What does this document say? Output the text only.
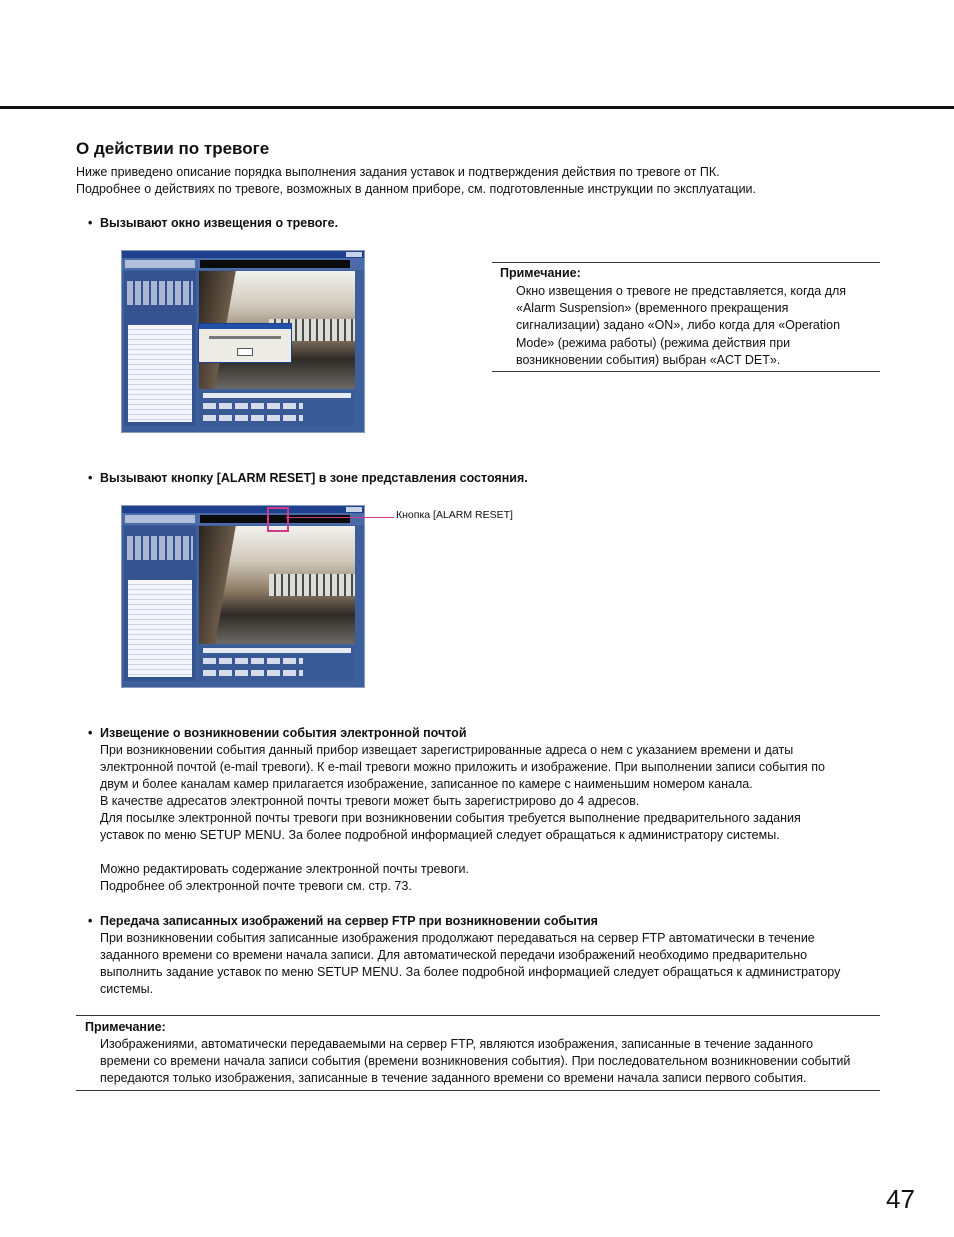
О действии по тревоге
Ниже приведено описание порядка выполнения задания уставок и подтверждения действия по тревоге от ПК.
Подробнее о действиях по тревоге, возможных в данном приборе, см. подготовленные инструкции по эксплуатации.
• Вызывают окно извещения о тревоге.
Примечание:
Окно извещения о тревоге не представляется, когда для
«Alarm Suspension» (временного прекращения
сигнализации) задано «ON», либо когда для «Operation
Mode» (режима работы) (режима действия при
возникновении события) выбран «ACT DET».
• Вызывают кнопку [ALARM RESET] в зоне представления состояния.
Кнопка [ALARM RESET]
• Извещение о возникновении события электронной почтой
При возникновении события данный прибор извещает зарегистрированные адреса о нем с указанием времени и даты
электронной почтой (e-mail тревоги). К e-mail тревоги можно приложить и изображение. При выполнении записи события по
двум и более каналам камер прилагается изображение, записанное по камере с наименьшим номером канала.
В качестве адресатов электронной почты тревоги может быть зарегистрирово до 4 адресов.
Для посылке электронной почты тревоги при возникновении события требуется выполнение предварительного задания
уставок по меню SETUP MENU. За более подробной информацией следует обращаться к администратору системы.
Можно редактировать содержание электронной почты тревоги.
Подробнее об электронной почте тревоги см. стр. 73.
• Передача записанных изображений на сервер FTP при возникновении события
При возникновении события записанные изображения продолжают передаваться на сервер FTP автоматически в течение
заданного времени со времени начала записи. Для автоматической передачи изображений необходимо предварительно
выполнить задание уставок по меню SETUP MENU. За более подробной информацией следует обращаться к администратору
системы.
Примечание:
Изображениями, автоматически передаваемыми на сервер FTP, являются изображения, записанные в течение заданного
времени со времени начала записи события (времени возникновения события). При последовательном возникновении событий
передаются только изображения, записанные в течение заданного времени со времени начала записи первого события.
47
